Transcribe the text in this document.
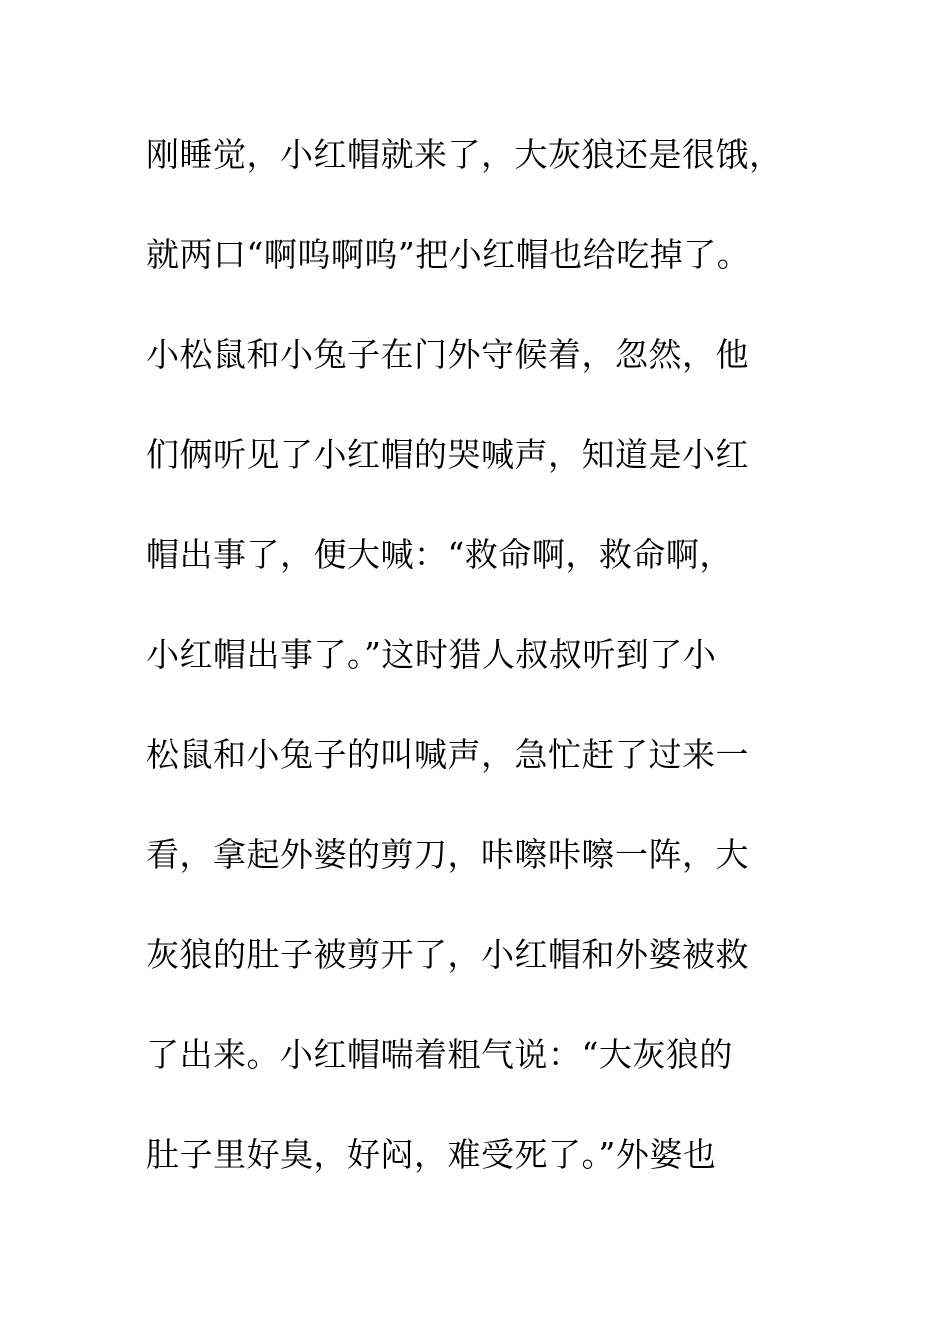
刚睡觉，小红帽就来了，大灰狼还是很饿，
就两口“啊呜啊呜”把小红帽也给吃掉了。
小松鼠和小兔子在门外守候着，忽然，他
们俩听见了小红帽的哭喊声，知道是小红
帽出事了，便大喊：“救命啊，救命啊，
小红帽出事了。”这时猎人叔叔听到了小
松鼠和小兔子的叫喊声，急忙赶了过来一
看，拿起外婆的剪刀，咔嚓咔嚓一阵，大
灰狼的肚子被剪开了，小红帽和外婆被救
了出来。小红帽喘着粗气说：“大灰狼的
肚子里好臭，好闷，难受死了。”外婆也
